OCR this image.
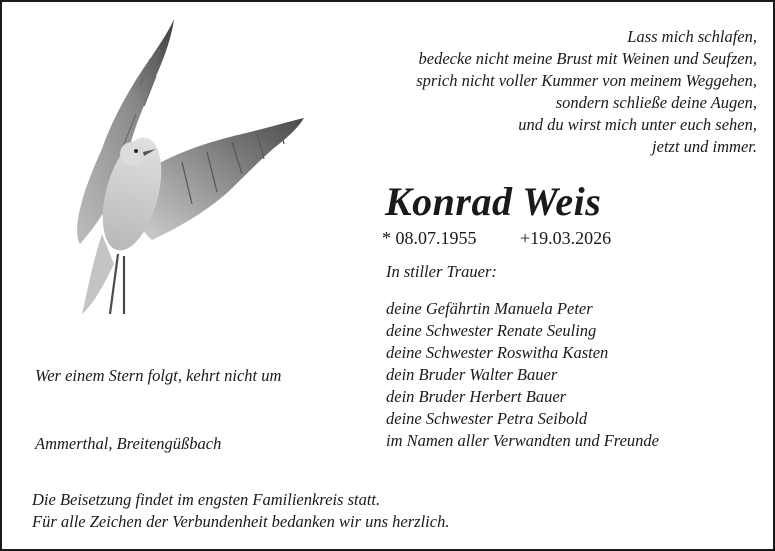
Lass mich schlafen,
bedecke nicht meine Brust mit Weinen und Seufzen,
sprich nicht voller Kummer von meinem Weggehen,
sondern schließe deine Augen,
und du wirst mich unter euch sehen,
jetzt und immer.
Konrad Weis
* 08.07.1955 +19.03.2026
In stiller Trauer:
deine Gefährtin Manuela Peter
deine Schwester Renate Seuling
deine Schwester Roswitha Kasten
dein Bruder Walter Bauer
dein Bruder Herbert Bauer
deine Schwester Petra Seibold
im Namen aller Verwandten und Freunde
Wer einem Stern folgt, kehrt nicht um
Ammerthal, Breitengüßbach
Die Beisetzung findet im engsten Familienkreis statt.
Für alle Zeichen der Verbundenheit bedanken wir uns herzlich.
